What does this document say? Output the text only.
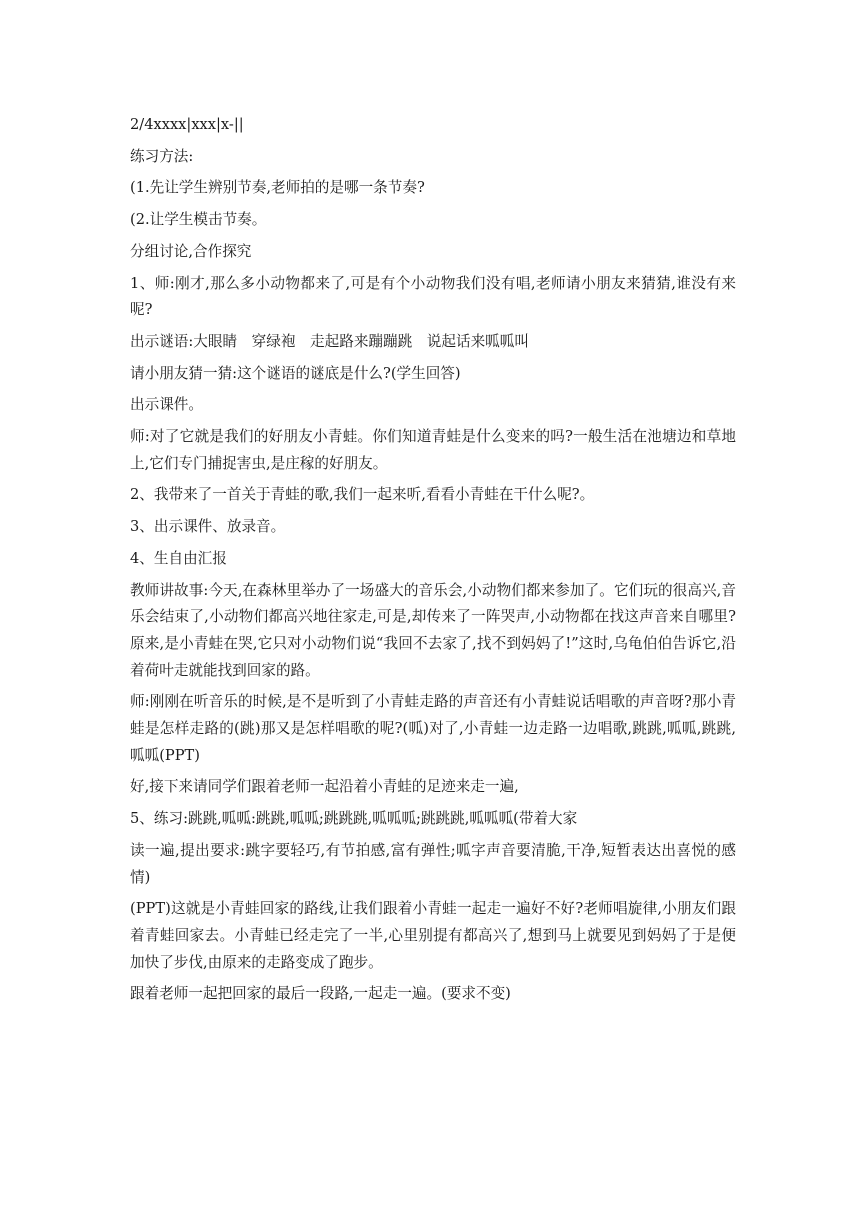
2/4xxxx|xxx|x-||

练习方法:

(1.先让学生辨别节奏,老师拍的是哪一条节奏?

(2.让学生模击节奏。

分组讨论,合作探究

1、师:刚才,那么多小动物都来了,可是有个小动物我们没有唱,老师请小朋友来猜猜,谁没有来呢?

出示谜语:大眼睛　穿绿袍　走起路来蹦蹦跳　说起话来呱呱叫

请小朋友猜一猜:这个谜语的谜底是什么?(学生回答)

出示课件。

师:对了它就是我们的好朋友小青蛙。你们知道青蛙是什么变来的吗?一般生活在池塘边和草地上,它们专门捕捉害虫,是庄稼的好朋友。

2、我带来了一首关于青蛙的歌,我们一起来听,看看小青蛙在干什么呢?。

3、出示课件、放录音。

4、生自由汇报

教师讲故事:今天,在森林里举办了一场盛大的音乐会,小动物们都来参加了。它们玩的很高兴,音乐会结束了,小动物们都高兴地往家走,可是,却传来了一阵哭声,小动物都在找这声音来自哪里?原来,是小青蛙在哭,它只对小动物们说“我回不去家了,找不到妈妈了!”这时,乌龟伯伯告诉它,沿着荷叶走就能找到回家的路。

师:刚刚在听音乐的时候,是不是听到了小青蛙走路的声音还有小青蛙说话唱歌的声音呀?那小青蛙是怎样走路的(跳)那又是怎样唱歌的呢?(呱)对了,小青蛙一边走路一边唱歌,跳跳,呱呱,跳跳,呱呱(PPT)

好,接下来请同学们跟着老师一起沿着小青蛙的足迹来走一遍,

5、练习:跳跳,呱呱:跳跳,呱呱;跳跳跳,呱呱呱;跳跳跳,呱呱呱(带着大家

读一遍,提出要求:跳字要轻巧,有节拍感,富有弹性;呱字声音要清脆,干净,短暂表达出喜悦的感情)

(PPT)这就是小青蛙回家的路线,让我们跟着小青蛙一起走一遍好不好?老师唱旋律,小朋友们跟着青蛙回家去。小青蛙已经走完了一半,心里别提有都高兴了,想到马上就要见到妈妈了于是便加快了步伐,由原来的走路变成了跑步。

跟着老师一起把回家的最后一段路,一起走一遍。(要求不变)
